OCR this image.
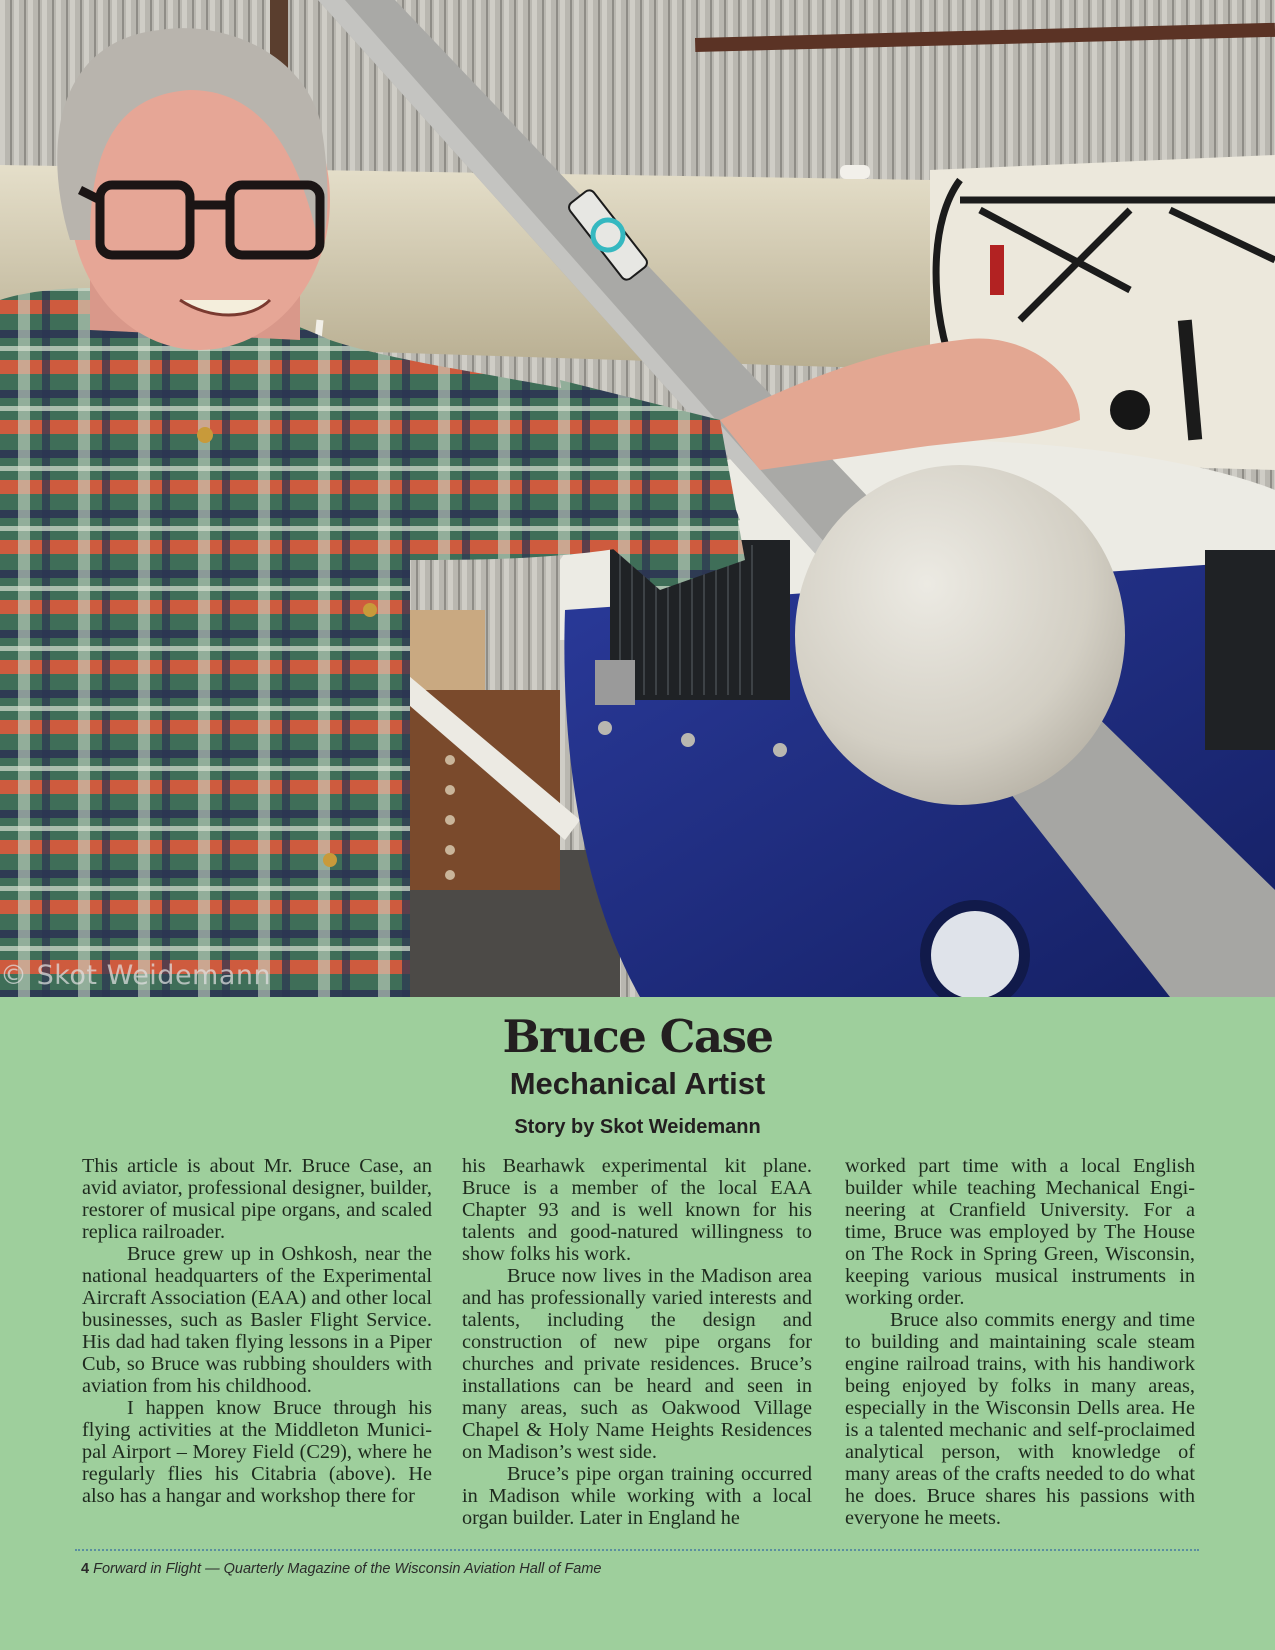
© Skot Weidemann
Bruce Case
Mechanical Artist
Story by Skot Weidemann

This article is about Mr. Bruce Case, an avid aviator, professional designer, builder, restorer of musical pipe organs, and scaled replica railroader.

Bruce grew up in Oshkosh, near the national headquarters of the Experimental Aircraft Association (EAA) and other local businesses, such as Basler Flight Service. His dad had taken flying lessons in a Piper Cub, so Bruce was rubbing shoulders with aviation from his childhood.

I happen know Bruce through his flying activities at the Middleton Municipal Airport – Morey Field (C29), where he regularly flies his Citabria (above). He also has a hangar and workshop there for

his Bearhawk experimental kit plane. Bruce is a member of the local EAA Chapter 93 and is well known for his talents and good-natured willingness to show folks his work.

Bruce now lives in the Madison area and has professionally varied interests and talents, including the design and construction of new pipe organs for churches and private residences. Bruce’s installations can be heard and seen in many areas, such as Oakwood Village Chapel & Holy Name Heights Residences on Madison’s west side.

Bruce’s pipe organ training occurred in Madison while working with a local organ builder. Later in England he

worked part time with a local English builder while teaching Mechanical Engineering at Cranfield University. For a time, Bruce was employed by The House on The Rock in Spring Green, Wisconsin, keeping various musical instruments in working order.

Bruce also commits energy and time to building and maintaining scale steam engine railroad trains, with his handiwork being enjoyed by folks in many areas, especially in the Wisconsin Dells area. He is a talented mechanic and self-proclaimed analytical person, with knowledge of many areas of the crafts needed to do what he does. Bruce shares his passions with everyone he meets.

4 Forward in Flight — Quarterly Magazine of the Wisconsin Aviation Hall of Fame
